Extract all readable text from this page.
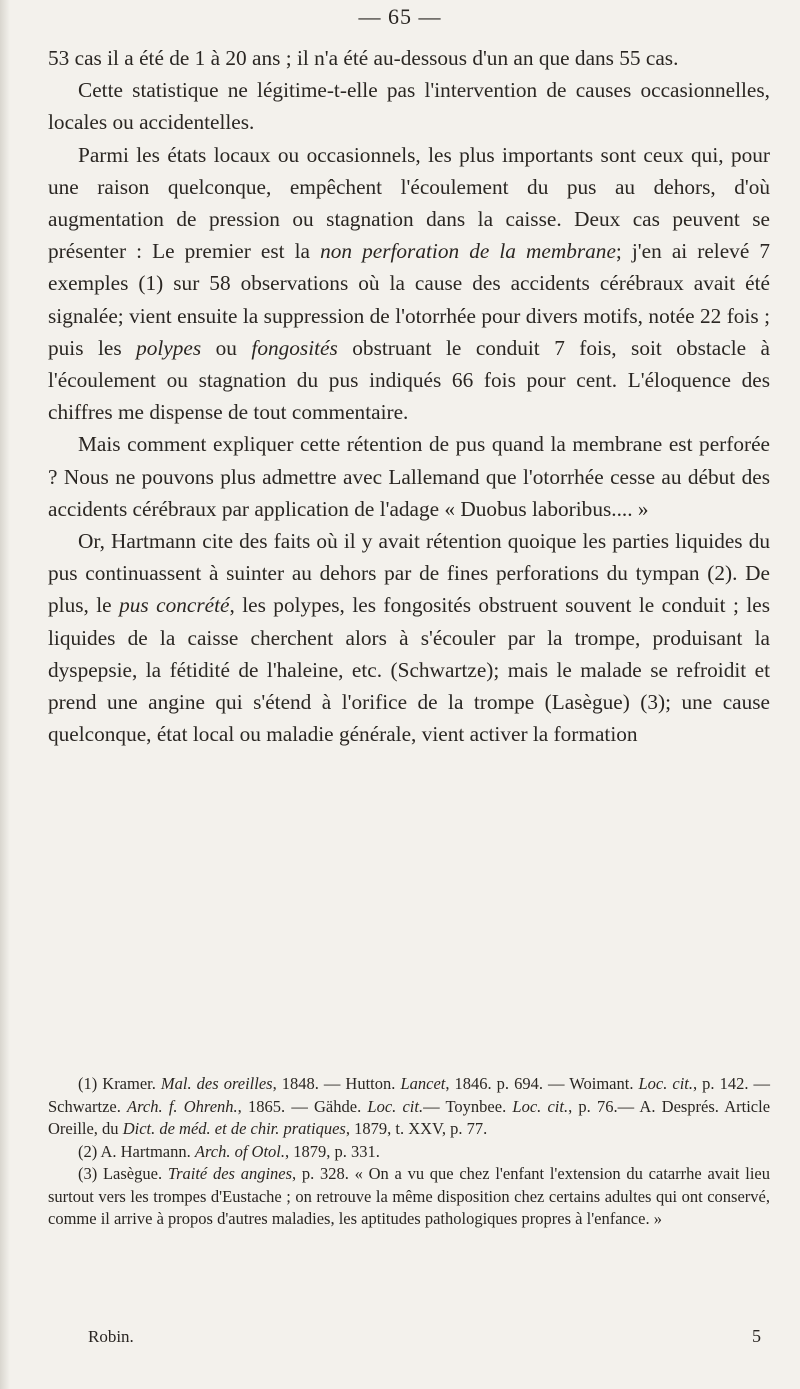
— 65 —

53 cas il a été de 1 à 20 ans ; il n'a été au-dessous d'un an que dans 55 cas.

Cette statistique ne légitime-t-elle pas l'intervention de causes occasionnelles, locales ou accidentelles.

Parmi les états locaux ou occasionnels, les plus importants sont ceux qui, pour une raison quelconque, empêchent l'écoulement du pus au dehors, d'où augmentation de pression ou stagnation dans la caisse. Deux cas peuvent se présenter : Le premier est la non perforation de la membrane; j'en ai relevé 7 exemples (1) sur 58 observations où la cause des accidents cérébraux avait été signalée; vient ensuite la suppression de l'otorrhée pour divers motifs, notée 22 fois ; puis les polypes ou fongosités obstruant le conduit 7 fois, soit obstacle à l'écoulement ou stagnation du pus indiqués 66 fois pour cent. L'éloquence des chiffres me dispense de tout commentaire.

Mais comment expliquer cette rétention de pus quand la membrane est perforée ? Nous ne pouvons plus admettre avec Lallemand que l'otorrhée cesse au début des accidents cérébraux par application de l'adage « Duobus laboribus.... »

Or, Hartmann cite des faits où il y avait rétention quoique les parties liquides du pus continuassent à suinter au dehors par de fines perforations du tympan (2). De plus, le pus concrété, les polypes, les fongosités obstruent souvent le conduit ; les liquides de la caisse cherchent alors à s'écouler par la trompe, produisant la dyspepsie, la fétidité de l'haleine, etc. (Schwartze); mais le malade se refroidit et prend une angine qui s'étend à l'orifice de la trompe (Lasègue) (3); une cause quelconque, état local ou maladie générale, vient activer la formation

(1) Kramer. Mal. des oreilles, 1848. — Hutton. Lancet, 1846. p. 694. — Woimant. Loc. cit., p. 142. — Schwartze. Arch. f. Ohrenh., 1865. — Gähde. Loc. cit.— Toynbee. Loc. cit., p. 76.— A. Després. Article Oreille, du Dict. de méd. et de chir. pratiques, 1879, t. XXV, p. 77.

(2) A. Hartmann. Arch. of Otol., 1879, p. 331.

(3) Lasègue. Traité des angines, p. 328. « On a vu que chez l'enfant l'extension du catarrhe avait lieu surtout vers les trompes d'Eustache ; on retrouve la même disposition chez certains adultes qui ont conservé, comme il arrive à propos d'autres maladies, les aptitudes pathologiques propres à l'enfance. »

Robin.	5
